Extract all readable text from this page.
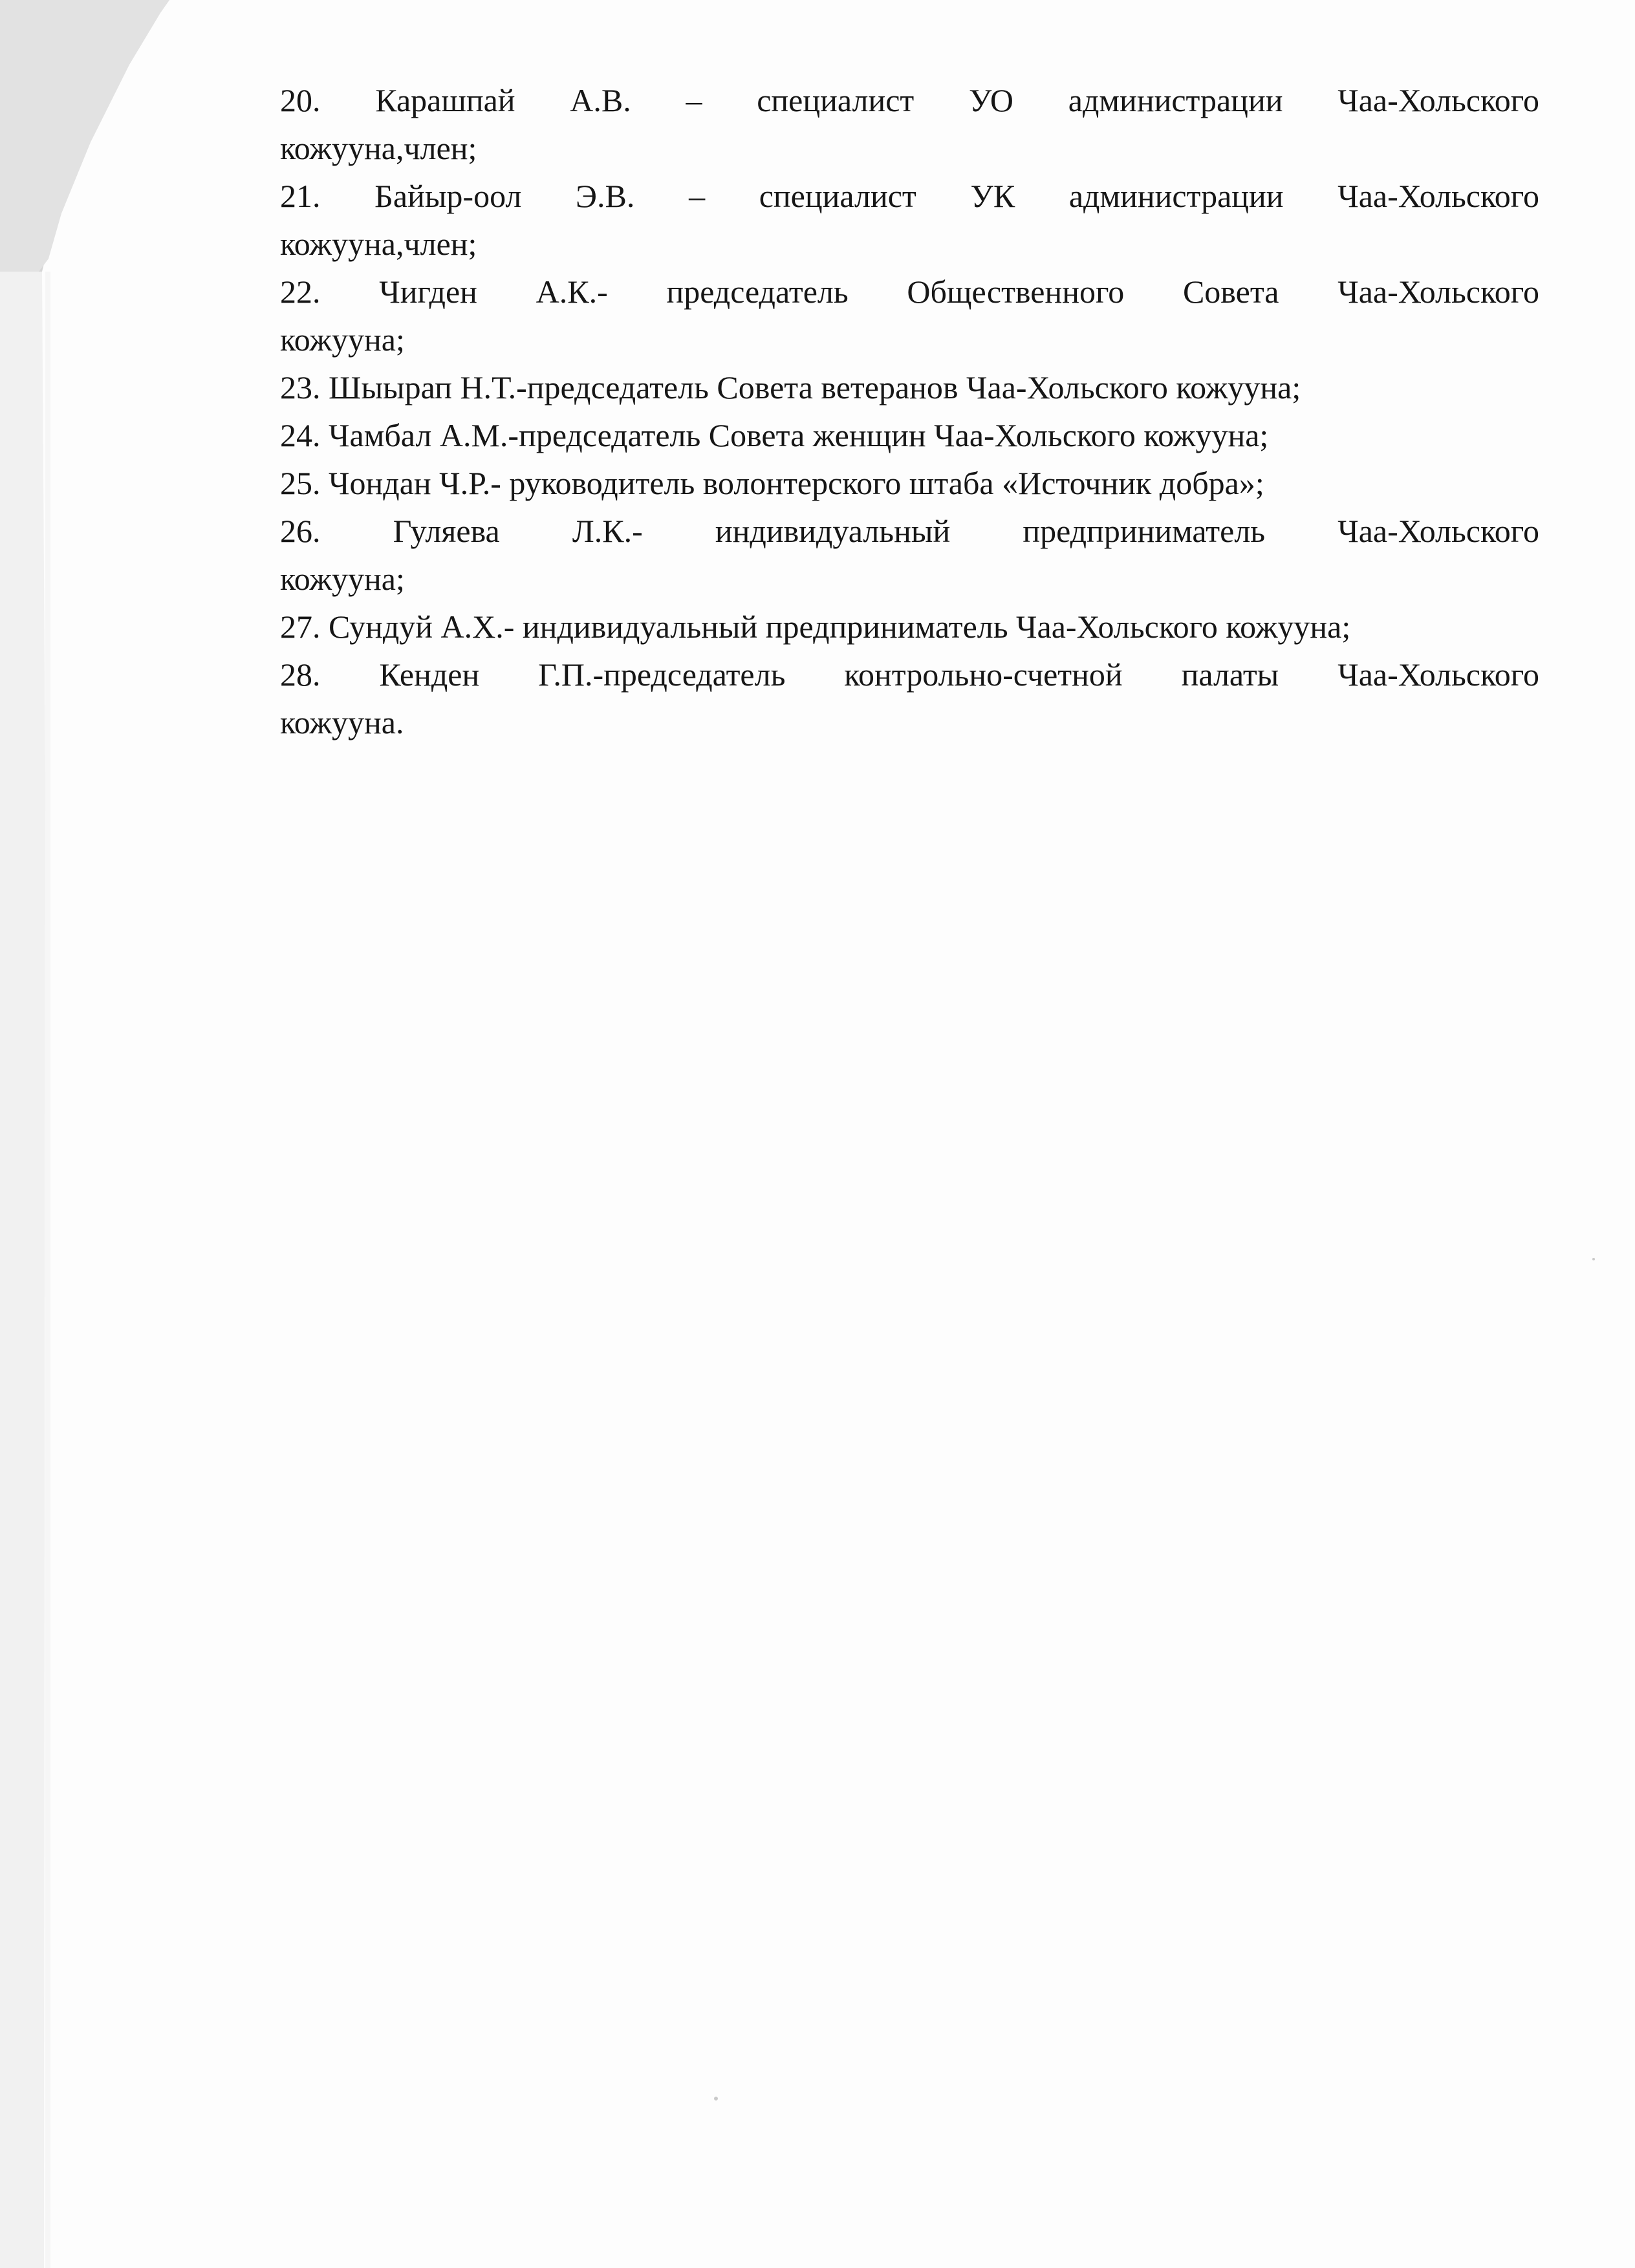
20. Карашпай А.В. – специалист УО администрации Чаа-Хольского
кожууна,член;
21. Байыр-оол Э.В. – специалист УК администрации Чаа-Хольского
кожууна,член;
22. Чигден А.К.- председатель Общественного Совета Чаа-Хольского
кожууна;
23. Шыырап Н.Т.-председатель Совета ветеранов Чаа-Хольского кожууна;
24. Чамбал А.М.-председатель Совета женщин Чаа-Хольского кожууна;
25. Чондан Ч.Р.- руководитель волонтерского штаба «Источник добра»;
26. Гуляева Л.К.- индивидуальный предприниматель Чаа-Хольского
кожууна;
27. Сундуй А.Х.- индивидуальный предприниматель Чаа-Хольского кожууна;
28. Кенден Г.П.-председатель контрольно-счетной палаты Чаа-Хольского
кожууна.
